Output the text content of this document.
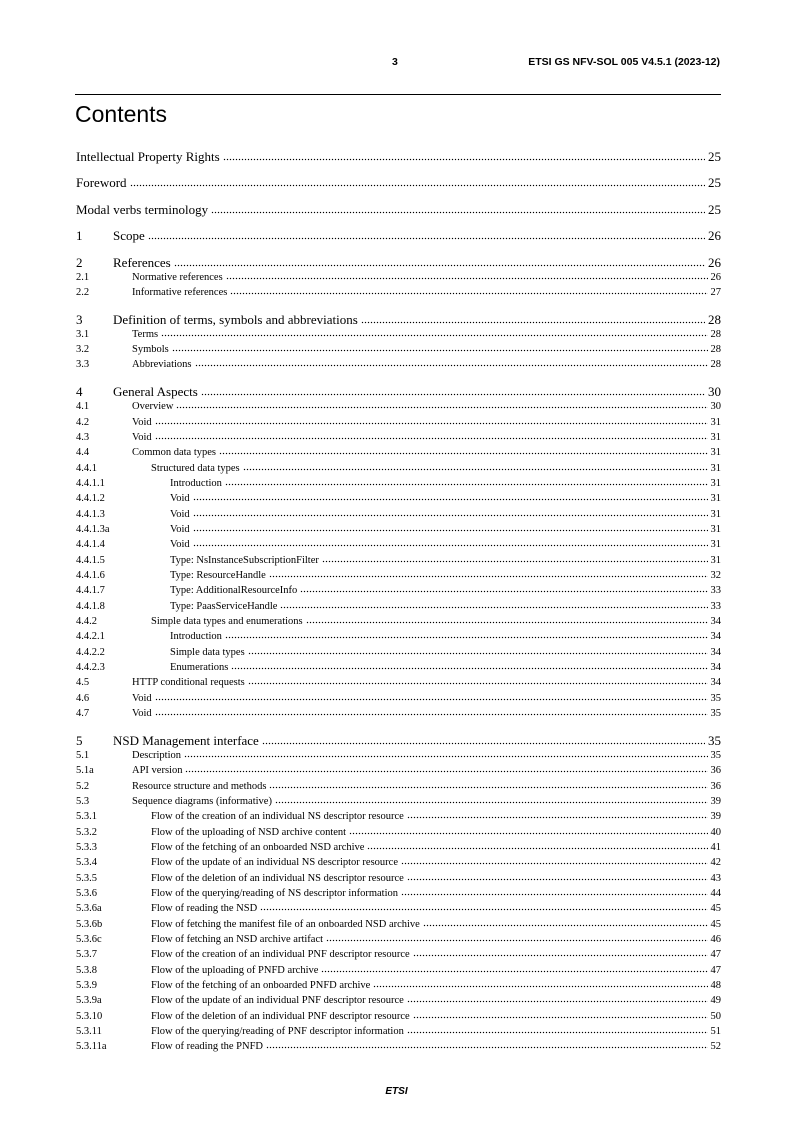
3	ETSI GS NFV-SOL 005 V4.5.1 (2023-12)
Contents
Intellectual Property Rights	25
Foreword	25
Modal verbs terminology	25
1	Scope	26
2	References	26
2.1	Normative references	26
2.2	Informative references	27
3	Definition of terms, symbols and abbreviations	28
3.1	Terms	28
3.2	Symbols	28
3.3	Abbreviations	28
4	General Aspects	30
4.1	Overview	30
4.2	Void	31
4.3	Void	31
4.4	Common data types	31
4.4.1	Structured data types	31
4.4.1.1	Introduction	31
4.4.1.2	Void	31
4.4.1.3	Void	31
4.4.1.3a	Void	31
4.4.1.4	Void	31
4.4.1.5	Type: NsInstanceSubscriptionFilter	31
4.4.1.6	Type: ResourceHandle	32
4.4.1.7	Type: AdditionalResourceInfo	33
4.4.1.8	Type: PaasServiceHandle	33
4.4.2	Simple data types and enumerations	34
4.4.2.1	Introduction	34
4.4.2.2	Simple data types	34
4.4.2.3	Enumerations	34
4.5	HTTP conditional requests	34
4.6	Void	35
4.7	Void	35
5	NSD Management interface	35
5.1	Description	35
5.1a	API version	36
5.2	Resource structure and methods	36
5.3	Sequence diagrams (informative)	39
5.3.1	Flow of the creation of an individual NS descriptor resource	39
5.3.2	Flow of the uploading of NSD archive content	40
5.3.3	Flow of the fetching of an onboarded NSD archive	41
5.3.4	Flow of the update of an individual NS descriptor resource	42
5.3.5	Flow of the deletion of an individual NS descriptor resource	43
5.3.6	Flow of the querying/reading of NS descriptor information	44
5.3.6a	Flow of reading the NSD	45
5.3.6b	Flow of fetching the manifest file of an onboarded NSD archive	45
5.3.6c	Flow of fetching an NSD archive artifact	46
5.3.7	Flow of the creation of an individual PNF descriptor resource	47
5.3.8	Flow of the uploading of PNFD archive	47
5.3.9	Flow of the fetching of an onboarded PNFD archive	48
5.3.9a	Flow of the update of an individual PNF descriptor resource	49
5.3.10	Flow of the deletion of an individual PNF descriptor resource	50
5.3.11	Flow of the querying/reading of PNF descriptor information	51
5.3.11a	Flow of reading the PNFD	52
ETSI
